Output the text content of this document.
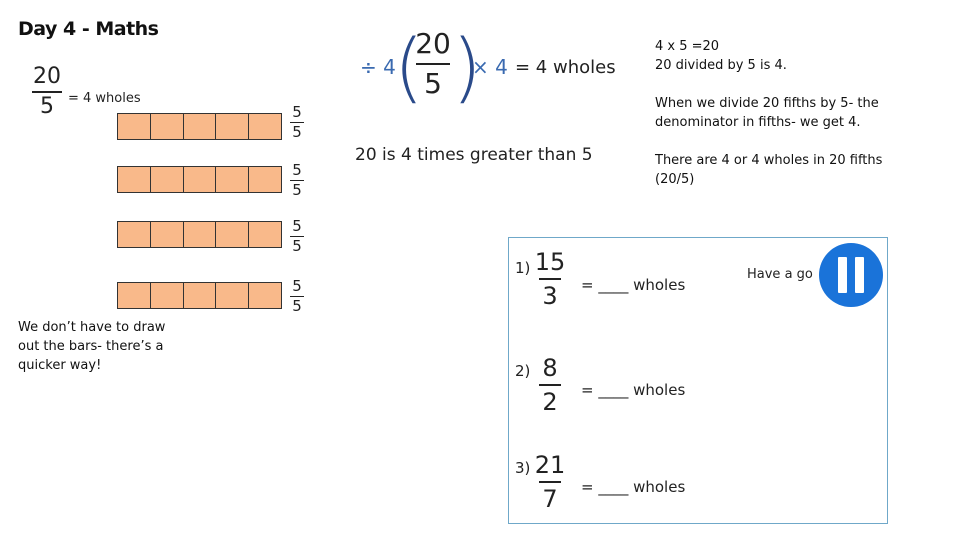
Day 4 - Maths
20
5 = 4 wholes
5
5
5
5
5
5
5
5
We don’t have to draw out the bars- there’s a quicker way!
÷ 4
(
20
5 )
× 4 = 4 wholes
20 is 4 times greater than 5
4 x 5 =20
20 divided by 5 is 4.
When we divide 20 fifths by 5- the denominator in fifths- we get 4.
There are 4 or 4 wholes in 20 fifths (20/5)
Have a go
1) 15
3 = ____ wholes
2) 8
2 = ____ wholes
3) 21
7 = ____ wholes
